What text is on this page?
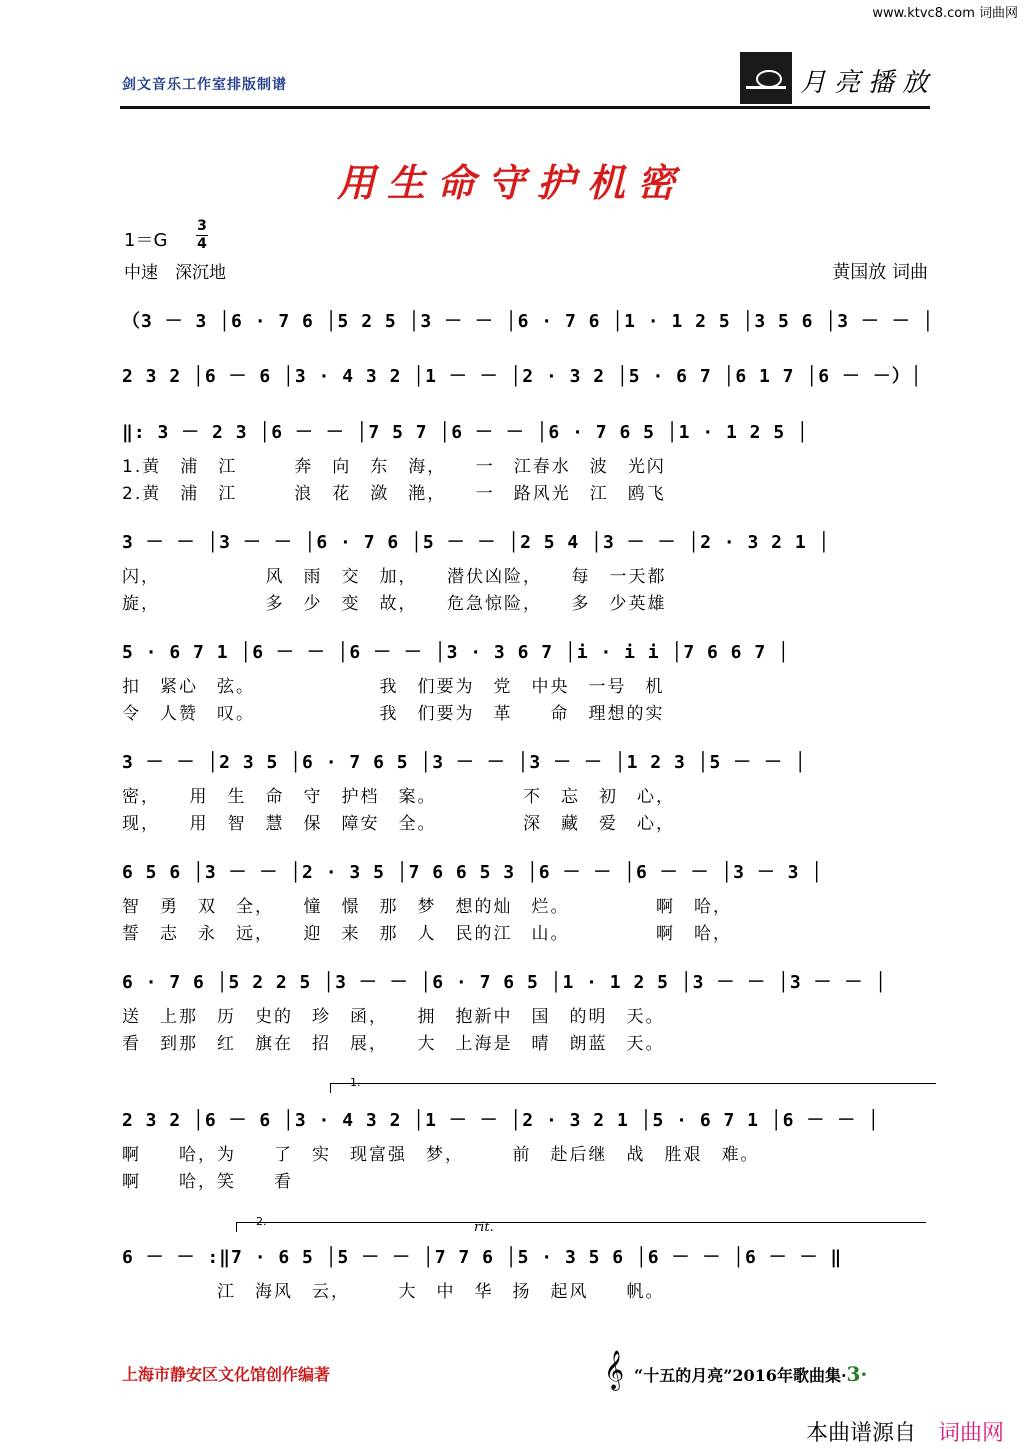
www.ktvc8.com 词曲网
剑文音乐工作室排版制谱	月亮播放
用生命守护机密
1＝G
3
4
中速　深沉地	黄国放 词曲
（3 － 3 │6 · 7 6 │5 2 5 │3 － － │6 · 7 6 │1 · 1 2 5 │3 5 6 │3 － － │
2 3 2 │6 － 6 │3 · 4 3 2 │1 － － │2 · 3 2 │5 · 6 7 │6 1 7 │6 － －）│
‖: 3 － 2 3 │6 － － │7 5 7 │6 － － │6 · 7 6 5 │1 · 1 2 5 │
1.黄　浦　江　　　奔　向　东　海，　　一　江春水　波　光闪
2.黄　浦　江　　　浪　花　潋　滟，　　一　路风光　江　鸥飞
3 － － │3 － － │6 · 7 6 │5 － － │2 5 4 │3 － － │2 · 3 2 1 │
闪，　　　　　　风　雨　交　加，　　潜伏凶险，　　每　一天都
旋，　　　　　　多　少　变　故，　　危急惊险，　　多　少英雄
5 · 6 7 1 │6 － － │6 － － │3 · 3 6 7 │i · i i │7 6 6 7 │
扣　紧心　弦。　　　　　　　我　们要为　党　中央　一号　机
令　人赞　叹。　　　　　　　我　们要为　革　　命　理想的实
3 － － │2 3 5 │6 · 7 6 5 │3 － － │3 － － │1 2 3 │5 － － │
密，　　用　生　命　守　护档　案。　　　　　不　忘　初　心，
现，　　用　智　慧　保　障安　全。　　　　　深　藏　爱　心，
6 5 6 │3 － － │2 · 3 5 │7 6 6 5 3 │6 － － │6 － － │3 － 3 │
智　勇　双　全，　　憧　憬　那　梦　想的灿　烂。　　　　　啊　哈，
誓　志　永　远，　　迎　来　那　人　民的江　山。　　　　　啊　哈，
6 · 7 6 │5 2 2 5 │3 － － │6 · 7 6 5 │1 · 1 2 5 │3 － － │3 － － │
送　上那　历　史的　珍　函，　　拥　抱新中　国　的明　天。
看　到那　红　旗在　招　展，　　大　上海是　晴　朗蓝　天。
1.
2 3 2 │6 － 6 │3 · 4 3 2 │1 － － │2 · 3 2 1 │5 · 6 7 1 │6 － － │
啊　　哈，为　　了　实　现富强　梦，　　　前　赴后继　战　胜艰　难。
啊　　哈，笑　　看
2.	rit.
6 － － :‖7 · 6 5 │5 － － │7 7 6 │5 · 3 5 6 │6 － － │6 － － ‖
　　　　　江　海风　云，　　　大　中　华　扬　起风　　帆。
上海市静安区文化馆创作编著	𝄞 “十五的月亮”2016年歌曲集·3·
本曲谱源自　 词曲网
